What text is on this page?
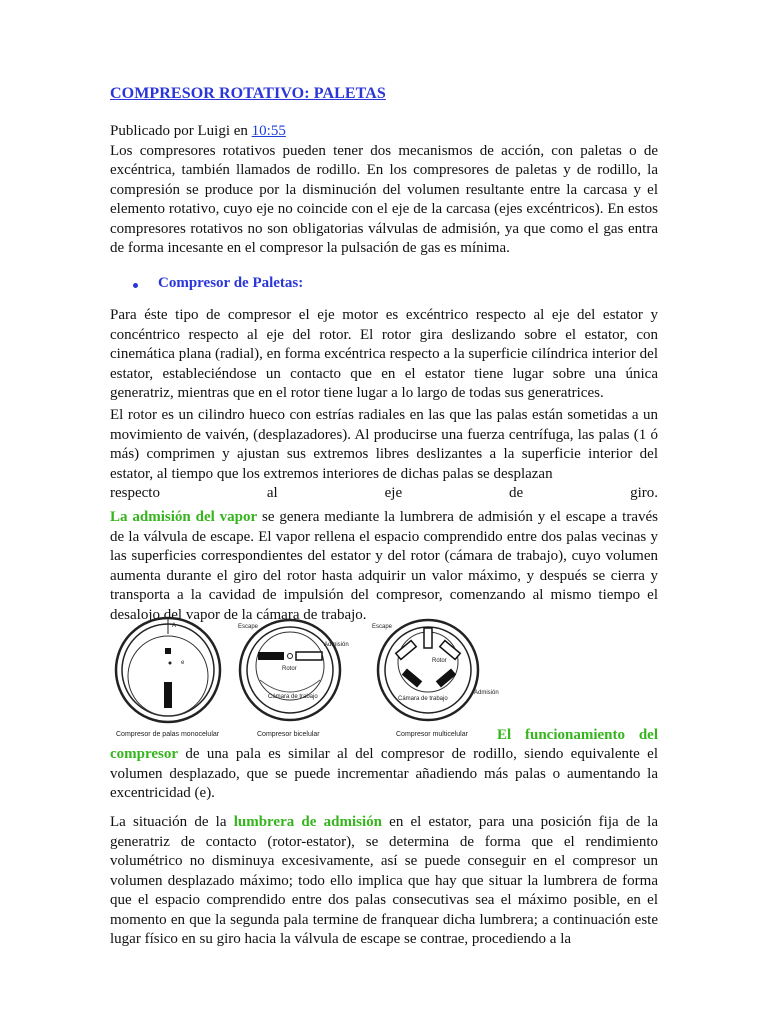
COMPRESOR ROTATIVO: PALETAS
Publicado por Luigi en 10:55
Los compresores rotativos pueden tener dos mecanismos de acción, con paletas o de excéntrica, también llamados de rodillo. En los compresores de paletas y de rodillo, la compresión se produce por la disminución del volumen resultante entre la carcasa y el elemento rotativo, cuyo eje no coincide con el eje de la carcasa (ejes excéntricos). En estos compresores rotativos no son obligatorias válvulas de admisión, ya que como el gas entra de forma incesante en el compresor la pulsación de gas es mínima.
Compresor de Paletas:
Para éste tipo de compresor el eje motor es excéntrico respecto al eje del estator y concéntrico respecto al eje del rotor. El rotor gira deslizando sobre el estator, con cinemática plana (radial), en forma excéntrica respecto a la superficie cilíndrica interior del estator, estableciéndose un contacto que en el estator tiene lugar sobre una única generatriz, mientras que en el rotor tiene lugar a lo largo de todas sus generatrices.
El rotor es un cilindro hueco con estrías radiales en las que las palas están sometidas a un movimiento de vaivén, (desplazadores). Al producirse una fuerza centrífuga, las palas (1 ó más) comprimen y ajustan sus extremos libres deslizantes a la superficie interior del estator, al tiempo que los extremos interiores de dichas palas se desplazan
respecto al eje de giro.
La admisión del vapor se genera mediante la lumbrera de admisión y el escape a través de la válvula de escape. El vapor rellena el espacio comprendido entre dos palas vecinas y las superficies correspondientes del estator y del rotor (cámara de trabajo), cuyo volumen aumenta durante el giro del rotor hasta adquirir un valor máximo, y después se cierra y transporta a la cavidad de impulsión del compresor, comenzando al mismo tiempo el desalojo del vapor de la cámara de trabajo.
A
e
Compresor de palas monocelular
Escape
Admisión
Rotor
Cámara de trabajo
Compresor bicelular
Escape
Rotor
Cámara de trabajo
Admisión
Compresor multicelular El funcionamiento del
compresor de una pala es similar al del compresor de rodillo, siendo equivalente el volumen desplazado, que se puede incrementar añadiendo más palas o aumentando la excentricidad (e).
La situación de la lumbrera de admisión en el estator, para una posición fija de la generatriz de contacto (rotor-estator), se determina de forma que el rendimiento volumétrico no disminuya excesivamente, así se puede conseguir en el compresor un volumen desplazado máximo; todo ello implica que hay que situar la lumbrera de forma que el espacio comprendido entre dos palas consecutivas sea el máximo posible, en el momento en que la segunda pala termine de franquear dicha lumbrera; a continuación este lugar físico en su giro hacia la válvula de escape se contrae, procediendo a la
